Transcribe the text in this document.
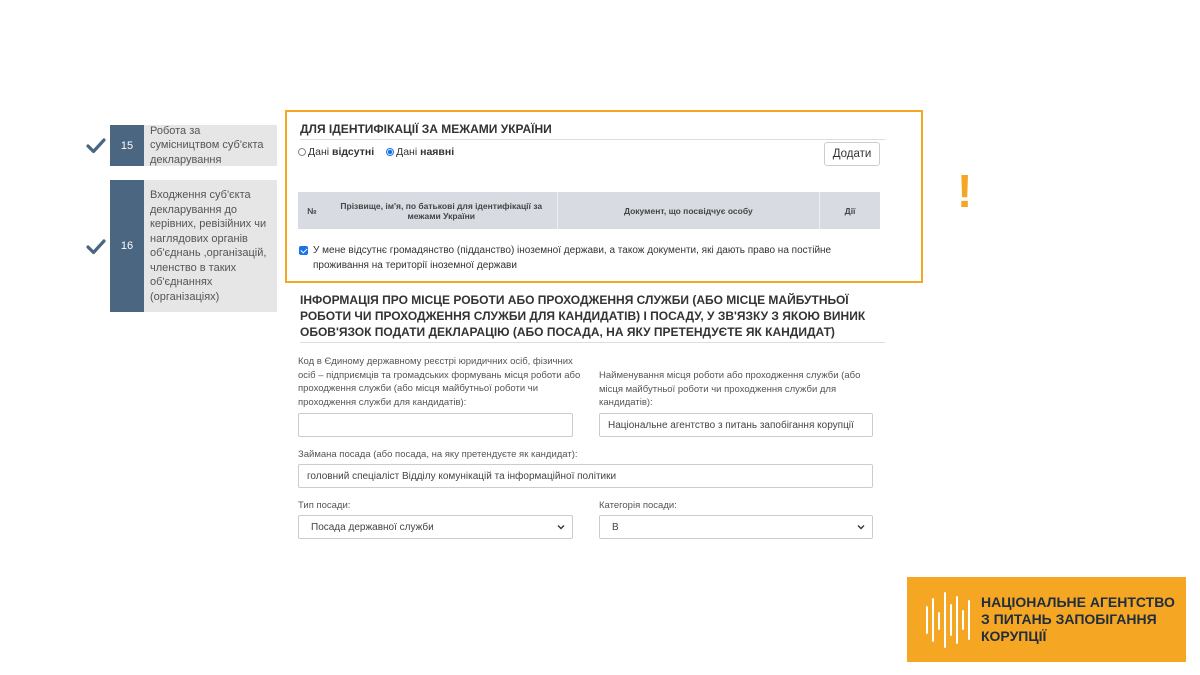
15
Робота за сумісництвом суб'єкта декларування
16
Входження суб'єкта декларування до керівних, ревізійних чи наглядових органів об'єднань ,організацій, членство в таких об'єднаннях (організаціях)
ДЛЯ ІДЕНТИФІКАЦІЇ ЗА МЕЖАМИ УКРАЇНИ
Дані відсутні Дані наявні	Додати
№	Прізвище, ім'я, по батькові для ідентифікації за межами України	Документ, що посвідчує особу	Дії
У мене відсутнє громадянство (підданство) іноземної держави, а також документи, які дають право на постійне проживання на території іноземної держави
!
ІНФОРМАЦІЯ ПРО МІСЦЕ РОБОТИ АБО ПРОХОДЖЕННЯ СЛУЖБИ (АБО МІСЦЕ МАЙБУТНЬОЇ РОБОТИ ЧИ ПРОХОДЖЕННЯ СЛУЖБИ ДЛЯ КАНДИДАТІВ) І ПОСАДУ, У ЗВ'ЯЗКУ З ЯКОЮ ВИНИК ОБОВ'ЯЗОК ПОДАТИ ДЕКЛАРАЦІЮ (АБО ПОСАДА, НА ЯКУ ПРЕТЕНДУЄТЕ ЯК КАНДИДАТ)
Код в Єдиному державному реєстрі юридичних осіб, фізичних осіб – підприємців та громадських формувань місця роботи або проходження служби (або місця майбутньої роботи чи проходження служби для кандидатів):
Найменування місця роботи або проходження служби (або місця майбутньої роботи чи проходження служби для кандидатів):
Національне агентство з питань запобігання корупції
Займана посада (або посада, на яку претендуєте як кандидат):
головний спеціаліст Відділу комунікацій та інформаційної політики
Тип посади:
Посада державної служби
Категорія посади:
В
НАЦІОНАЛЬНЕ АГЕНТСТВО
З ПИТАНЬ ЗАПОБІГАННЯ
КОРУПЦІЇ
